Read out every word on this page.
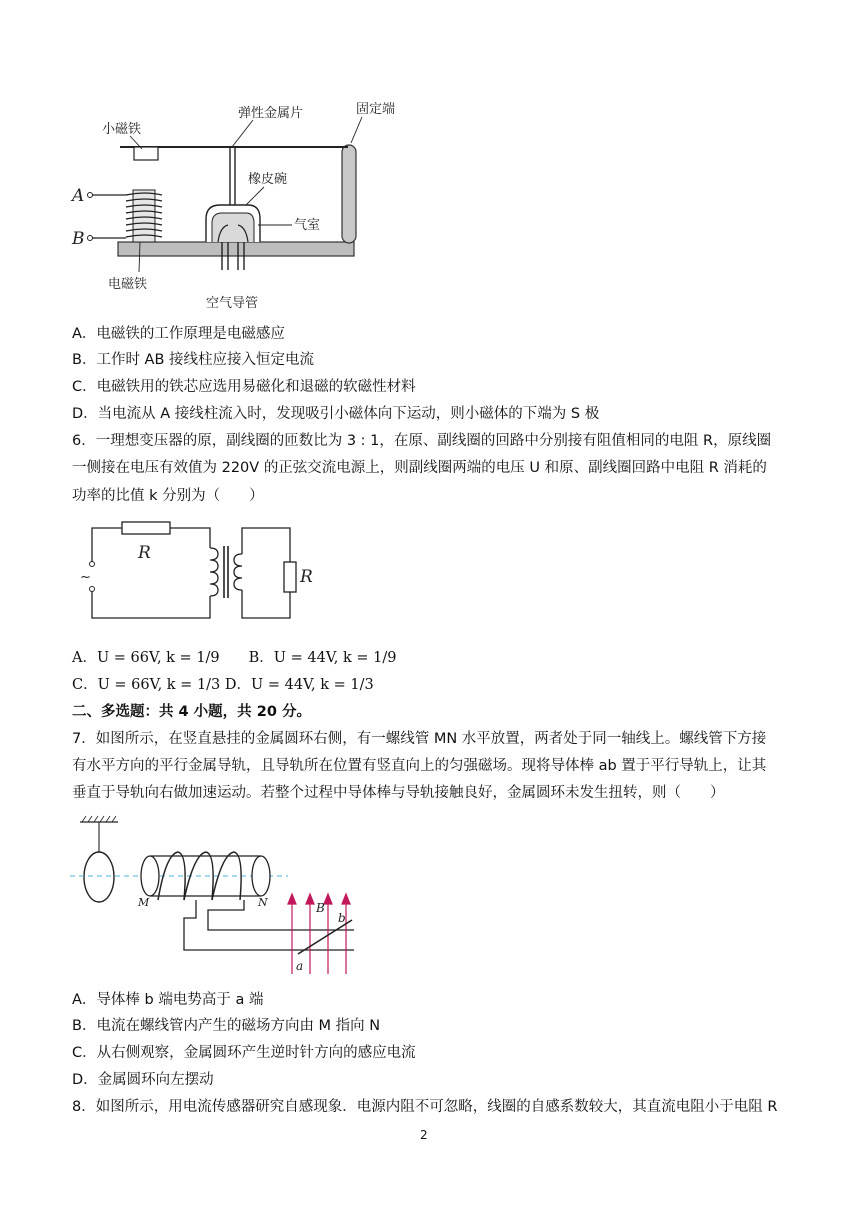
小磁铁
弹性金属片	固定端
橡皮碗
气室
A
B
电磁铁
空气导管
A．电磁铁的工作原理是电磁感应
B．工作时 AB 接线柱应接入恒定电流
C．电磁铁用的铁芯应选用易磁化和退磁的软磁性材料
D．当电流从 A 接线柱流入时，发现吸引小磁体向下运动，则小磁体的下端为 S 极
6．一理想变压器的原，副线圈的匝数比为 3 : 1，在原、副线圈的回路中分别接有阻值相同的电阻 R，原线圈
一侧接在电压有效值为 220V 的正弦交流电源上，则副线圈两端的电压 U 和原、副线圈回路中电阻 R 消耗的
功率的比值 k 分别为（　　）
~
R
R
A．U = 66V, k = 1/9　　B．U = 44V, k = 1/9
C．U = 66V, k = 1/3 D．U = 44V, k = 1/3
二、多选题：共 4 小题，共 20 分。
7．如图所示，在竖直悬挂的金属圆环右侧，有一螺线管 MN 水平放置，两者处于同一轴线上。螺线管下方接
有水平方向的平行金属导轨，且导轨所在位置有竖直向上的匀强磁场。现将导体棒 ab 置于平行导轨上，让其
垂直于导轨向右做加速运动。若整个过程中导体棒与导轨接触良好，金属圆环未发生扭转，则（　　）
M	N	B
a
b
A．导体棒 b 端电势高于 a 端
B．电流在螺线管内产生的磁场方向由 M 指向 N
C．从右侧观察，金属圆环产生逆时针方向的感应电流
D．金属圆环向左摆动
8．如图所示，用电流传感器研究自感现象．电源内阻不可忽略，线圈的自感系数较大，其直流电阻小于电阻 R
2
